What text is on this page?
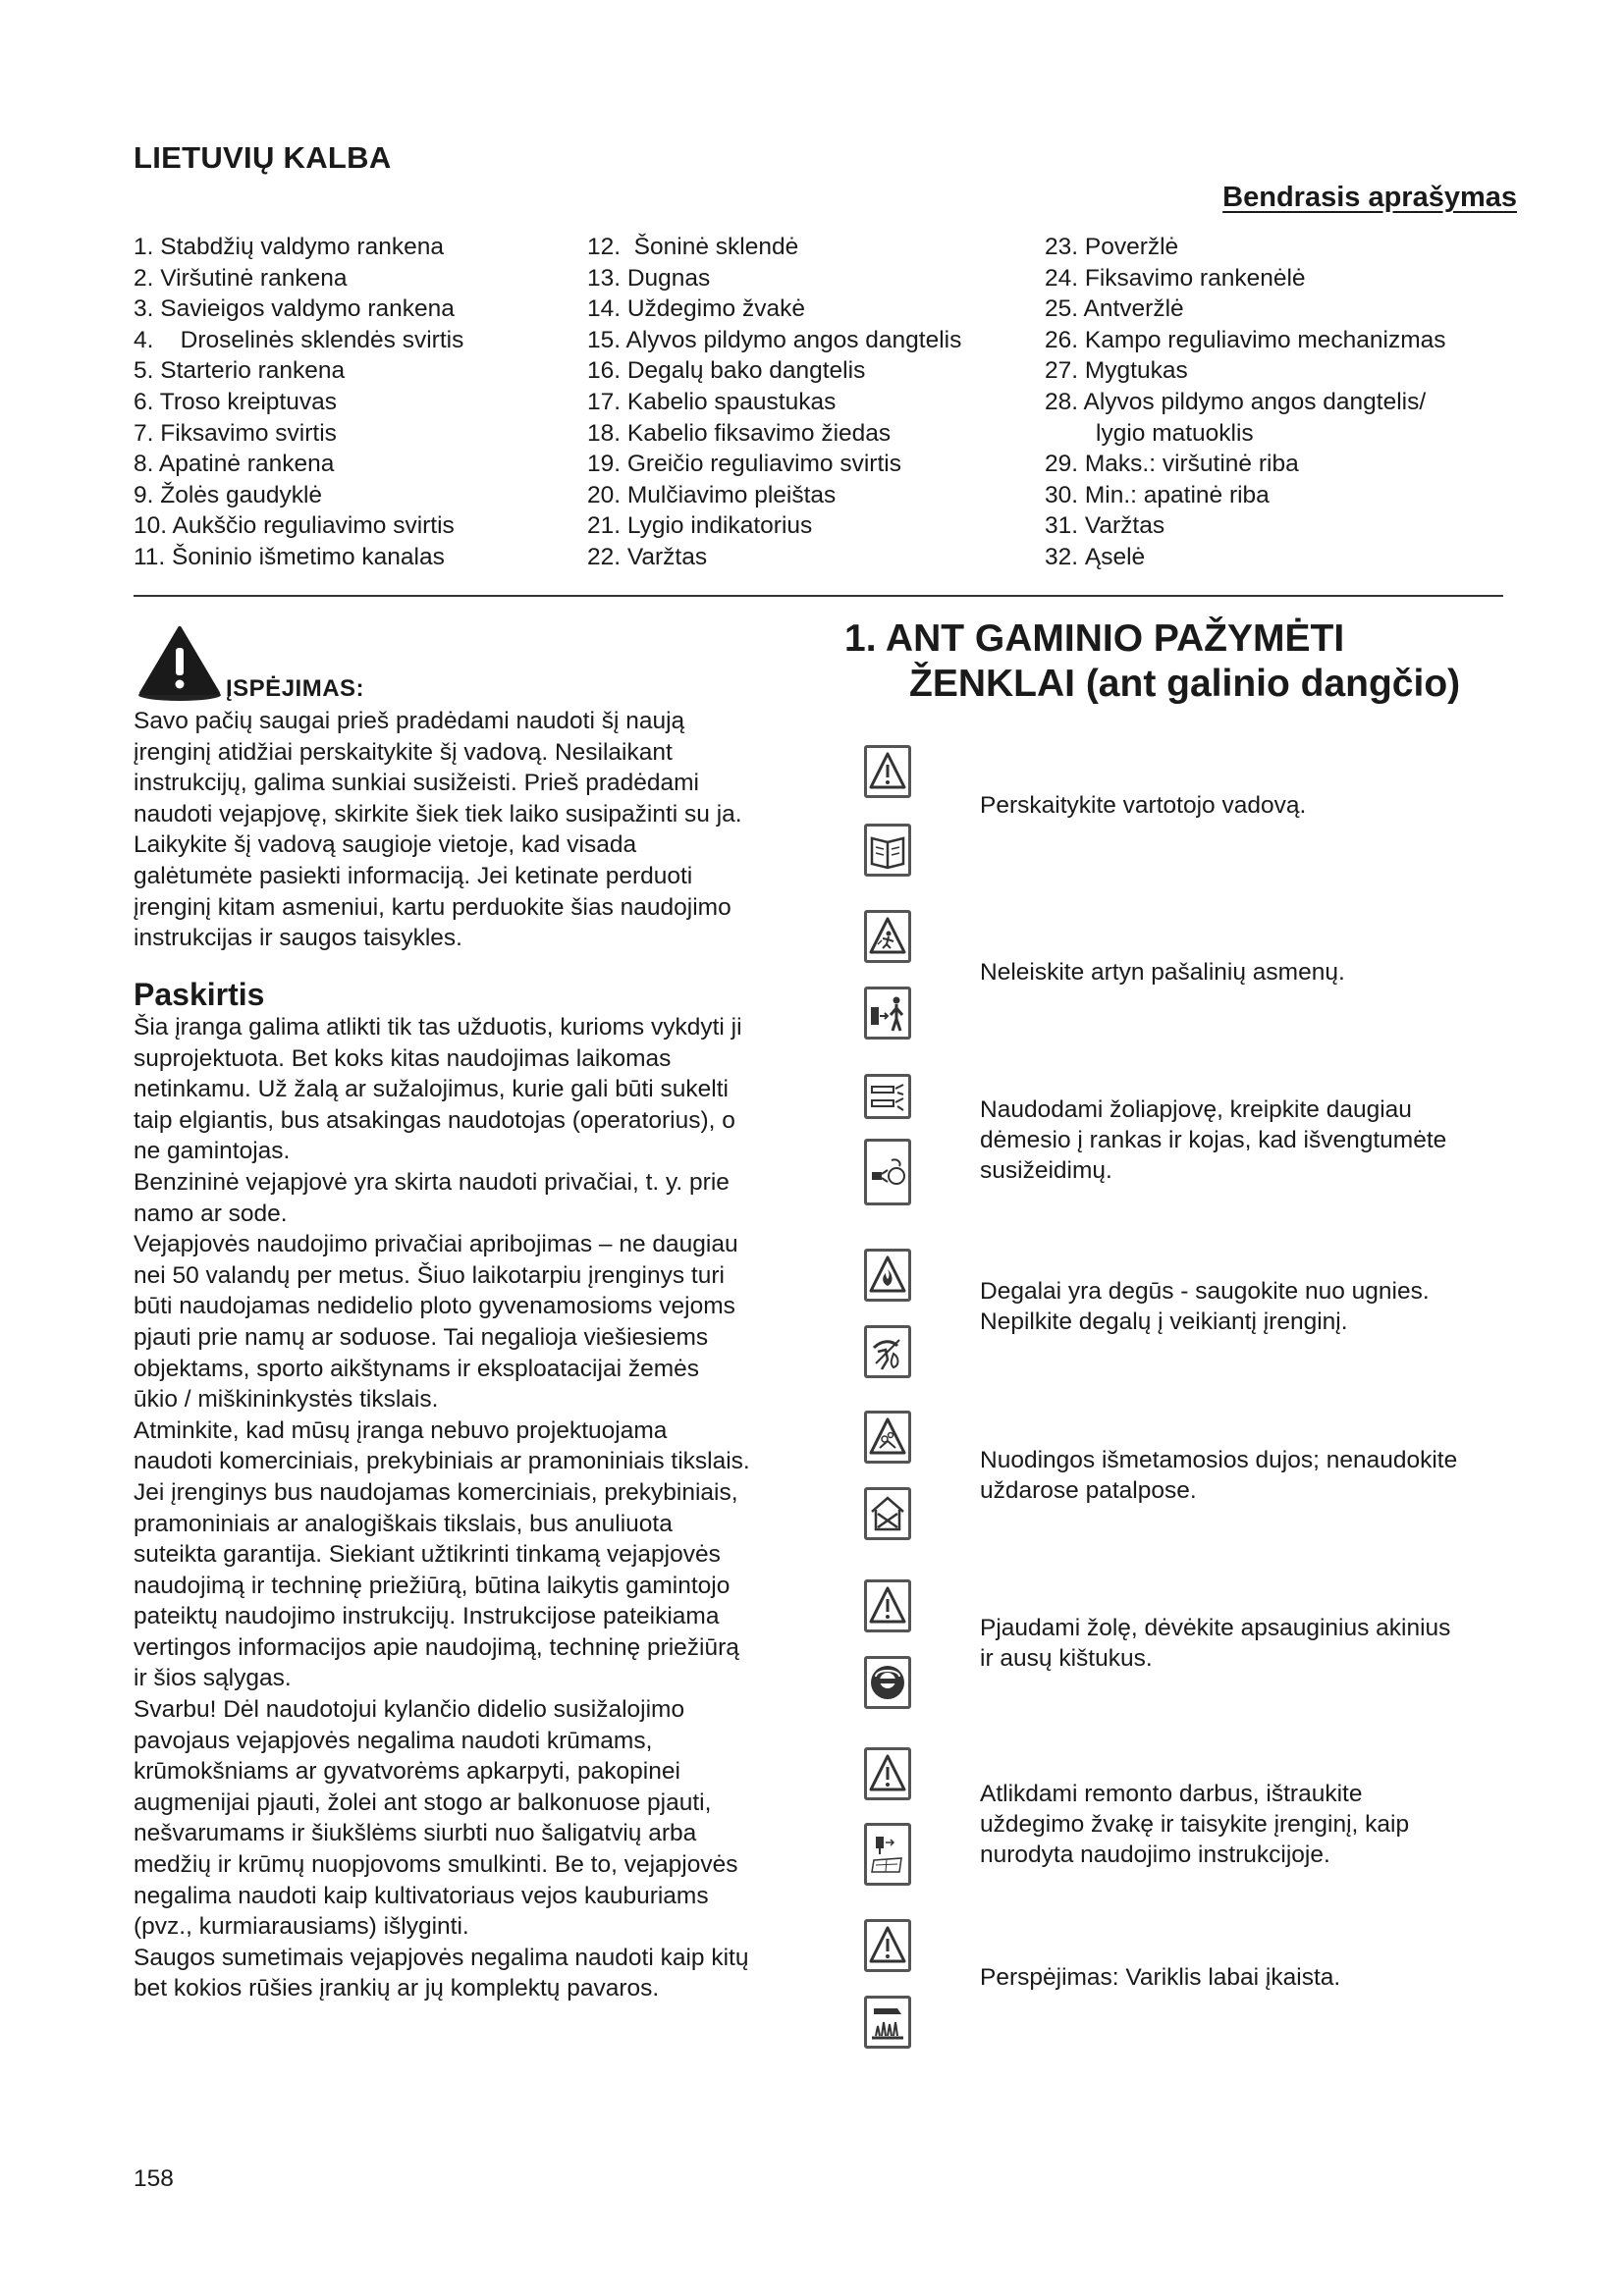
LIETUVIŲ KALBA
Bendrasis aprašymas
1. Stabdžių valdymo rankena
2. Viršutinė rankena
3. Savieigos valdymo rankena
4.    Droselinės sklendės svirtis
5. Starterio rankena
6. Troso kreiptuvas
7. Fiksavimo svirtis
8. Apatinė rankena
9. Žolės gaudyklė
10. Aukščio reguliavimo svirtis
11. Šoninio išmetimo kanalas
12.  Šoninė sklendė
13. Dugnas
14. Uždegimo žvakė
15. Alyvos pildymo angos dangtelis
16. Degalų bako dangtelis
17. Kabelio spaustukas
18. Kabelio fiksavimo žiedas
19. Greičio reguliavimo svirtis
20. Mulčiavimo pleištas
21. Lygio indikatorius
22. Varžtas
23. Poveržlė
24. Fiksavimo rankenėlė
25. Antveržlė
26. Kampo reguliavimo mechanizmas
27. Mygtukas
28. Alyvos pildymo angos dangtelis/
lygio matuoklis
29. Maks.: viršutinė riba
30. Min.: apatinė riba
31. Varžtas
32. Ąselė
ĮSPĖJIMAS:
Savo pačių saugai prieš pradėdami naudoti šį naują
įrenginį atidžiai perskaitykite šį vadovą. Nesilaikant
instrukcijų, galima sunkiai susižeisti. Prieš pradėdami
naudoti vejapjovę, skirkite šiek tiek laiko susipažinti su ja.
Laikykite šį vadovą saugioje vietoje, kad visada
galėtumėte pasiekti informaciją. Jei ketinate perduoti
įrenginį kitam asmeniui, kartu perduokite šias naudojimo
instrukcijas ir saugos taisykles.
Paskirtis
Šia įranga galima atlikti tik tas užduotis, kurioms vykdyti ji
suprojektuota. Bet koks kitas naudojimas laikomas
netinkamu. Už žalą ar sužalojimus, kurie gali būti sukelti
taip elgiantis, bus atsakingas naudotojas (operatorius), o
ne gamintojas.
Benzininė vejapjovė yra skirta naudoti privačiai, t. y. prie
namo ar sode.
Vejapjovės naudojimo privačiai apribojimas – ne daugiau
nei 50 valandų per metus. Šiuo laikotarpiu įrenginys turi
būti naudojamas nedidelio ploto gyvenamosioms vejoms
pjauti prie namų ar soduose. Tai negalioja viešiesiems
objektams, sporto aikštynams ir eksploatacijai žemės
ūkio / miškininkystės tikslais.
Atminkite, kad mūsų įranga nebuvo projektuojama
naudoti komerciniais, prekybiniais ar pramoniniais tikslais.
Jei įrenginys bus naudojamas komerciniais, prekybiniais,
pramoniniais ar analogiškais tikslais, bus anuliuota
suteikta garantija. Siekiant užtikrinti tinkamą vejapjovės
naudojimą ir techninę priežiūrą, būtina laikytis gamintojo
pateiktų naudojimo instrukcijų. Instrukcijose pateikiama
vertingos informacijos apie naudojimą, techninę priežiūrą
ir šios sąlygas.
Svarbu! Dėl naudotojui kylančio didelio susižalojimo
pavojaus vejapjovės negalima naudoti krūmams,
krūmokšniams ar gyvatvorėms apkarpyti, pakopinei
augmenijai pjauti, žolei ant stogo ar balkonuose pjauti,
nešvarumams ir šiukšlėms siurbti nuo šaligatvių arba
medžių ir krūmų nuopjovoms smulkinti. Be to, vejapjovės
negalima naudoti kaip kultivatoriaus vejos kauburiams
(pvz., kurmiarausiams) išlyginti.
Saugos sumetimais vejapjovės negalima naudoti kaip kitų
bet kokios rūšies įrankių ar jų komplektų pavaros.
1. ANT GAMINIO PAŽYMĖTI
ŽENKLAI (ant galinio dangčio)
Perskaitykite vartotojo vadovą.
Neleiskite artyn pašalinių asmenų.
Naudodami žoliapjovę, kreipkite daugiau
dėmesio į rankas ir kojas, kad išvengtumėte
susižeidimų.
Degalai yra degūs - saugokite nuo ugnies.
Nepilkite degalų į veikiantį įrenginį.
Nuodingos išmetamosios dujos; nenaudokite
uždarose patalpose.
Pjaudami žolę, dėvėkite apsauginius akinius
ir ausų kištukus.
Atlikdami remonto darbus, ištraukite
uždegimo žvakę ir taisykite įrenginį, kaip
nurodyta naudojimo instrukcijoje.
Perspėjimas: Variklis labai įkaista.
158
